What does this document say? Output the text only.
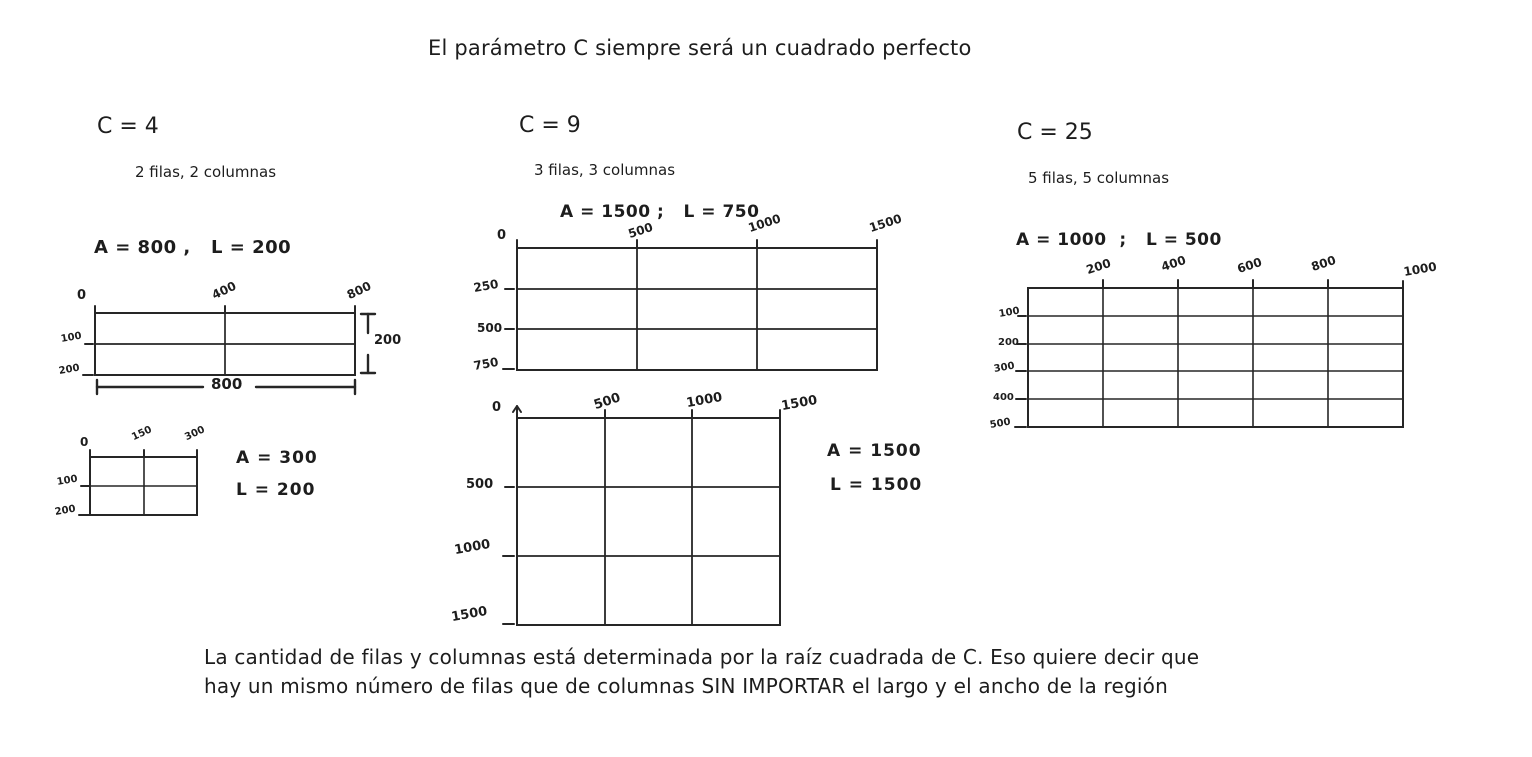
El parámetro C siempre será un cuadrado perfecto
C = 4
2 filas, 2 columnas
A = 800 ,   L = 200
0	400	800
100
200
200
800
0	150	300
100
200
A = 300
L = 200
C = 9
3 filas, 3 columnas
A = 1500 ;   L = 750
0	500	1000	1500
250
500
750
0	500	1000	1500
500
1000
1500
A = 1500
L = 1500
C = 25
5 filas, 5 columnas
A = 1000  ;   L = 500
200	400	600	800	1000
100
200
300
400
500
La cantidad de filas y columnas está determinada por la raíz cuadrada de C. Eso quiere decir que
hay un mismo número de filas que de columnas SIN IMPORTAR el largo y el ancho de la región
